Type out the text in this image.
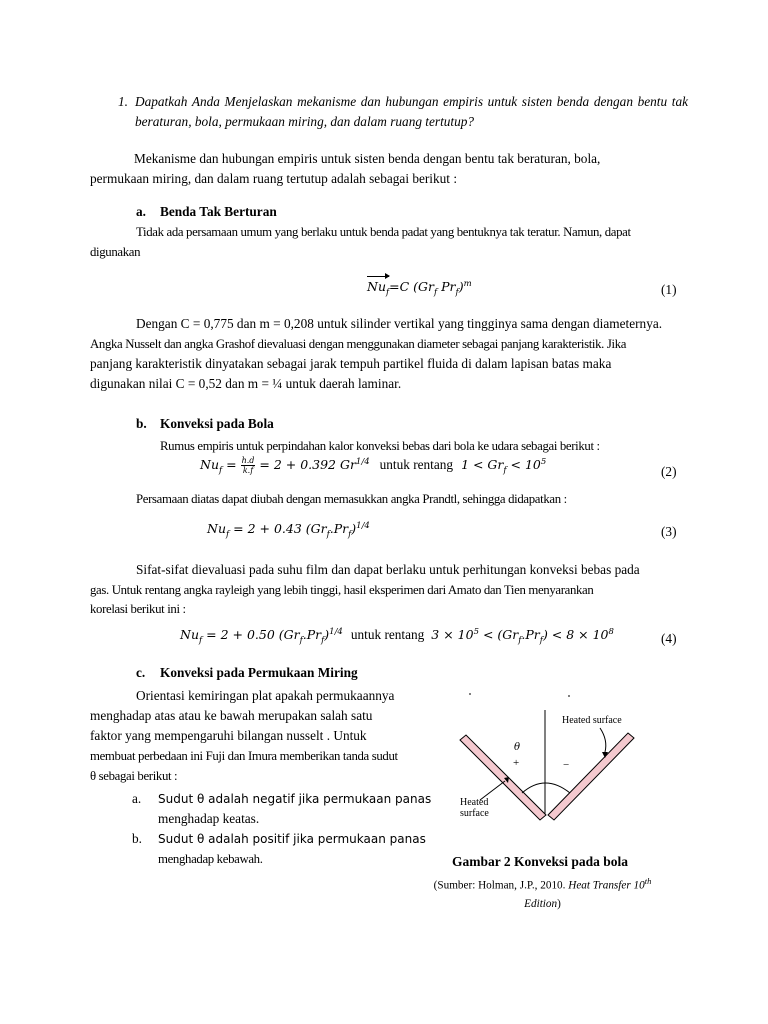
1. Dapatkah Anda Menjelaskan mekanisme dan hubungan empiris untuk sisten benda dengan bentu tak beraturan, bola, permukaan miring, dan dalam ruang tertutup?
Mekanisme dan hubungan empiris untuk sisten benda dengan bentu tak beraturan, bola,
permukaan miring, dan dalam ruang tertutup adalah sebagai berikut :
a. Benda Tak Berturan
Tidak ada persamaan umum yang berlaku untuk benda padat yang bentuknya tak teratur. Namun, dapat
digunakan
$Nu_f=C$ ($Gr_f$ $Pr_f)^m$	(1)
Dengan C = 0,775 dan m = 0,208 untuk silinder vertikal yang tingginya sama dengan diameternya.
Angka Nusselt dan angka Grashof dievaluasi dengan menggunakan diameter sebagai panjang karakteristik. Jika
panjang karakteristik dinyatakan sebagai jarak tempuh partikel fluida di dalam lapisan batas maka
digunakan nilai C = 0,52 dan m = ¼ untuk daerah laminar.
b. Konveksi pada Bola
Rumus empiris untuk perpindahan kalor konveksi bebas dari bola ke udara sebagai berikut :
$Nu_f = \frac{h.d}{k.f} = 2 + 0.392$ $Gr^{1/4}$ untuk rentang $1 < Gr_f < 10^5$
(2)
Persamaan diatas dapat diubah dengan memasukkan angka Prandtl, sehingga didapatkan :
$Nu_f = 2 + 0.43$ $(Gr_f.Pr_f)^{1/4}$	(3)
Sifat-sifat dievaluasi pada suhu film dan dapat berlaku untuk perhitungan konveksi bebas pada
gas. Untuk rentang angka rayleigh yang lebih tinggi, hasil eksperimen dari Amato dan Tien menyarankan
korelasi berikut ini :
$Nu_f = 2 + 0.50$ $(Gr_f.Pr_f)^{1/4}$ untuk rentang $3 \times 10^5 < (Gr_f.Pr_f) < 8 \times 10^8$	(4)
c. Konveksi pada Permukaan Miring
Orientasi kemiringan plat apakah permukaannya
menghadap atas atau ke bawah merupakan salah satu
faktor yang mempengaruhi bilangan nusselt . Untuk
membuat perbedaan ini Fuji dan Imura memberikan tanda sudut
θ sebagai berikut :
a. Sudut θ adalah negatif jika permukaan panas
menghadap keatas.
b. Sudut θ adalah positif jika permukaan panas
menghadap kebawah.
Heated surface
Heated
surface
θ
+	−
Gambar 2 Konveksi pada bola
(Sumber: Holman, J.P., 2010. Heat Transfer 10th
Edition)
